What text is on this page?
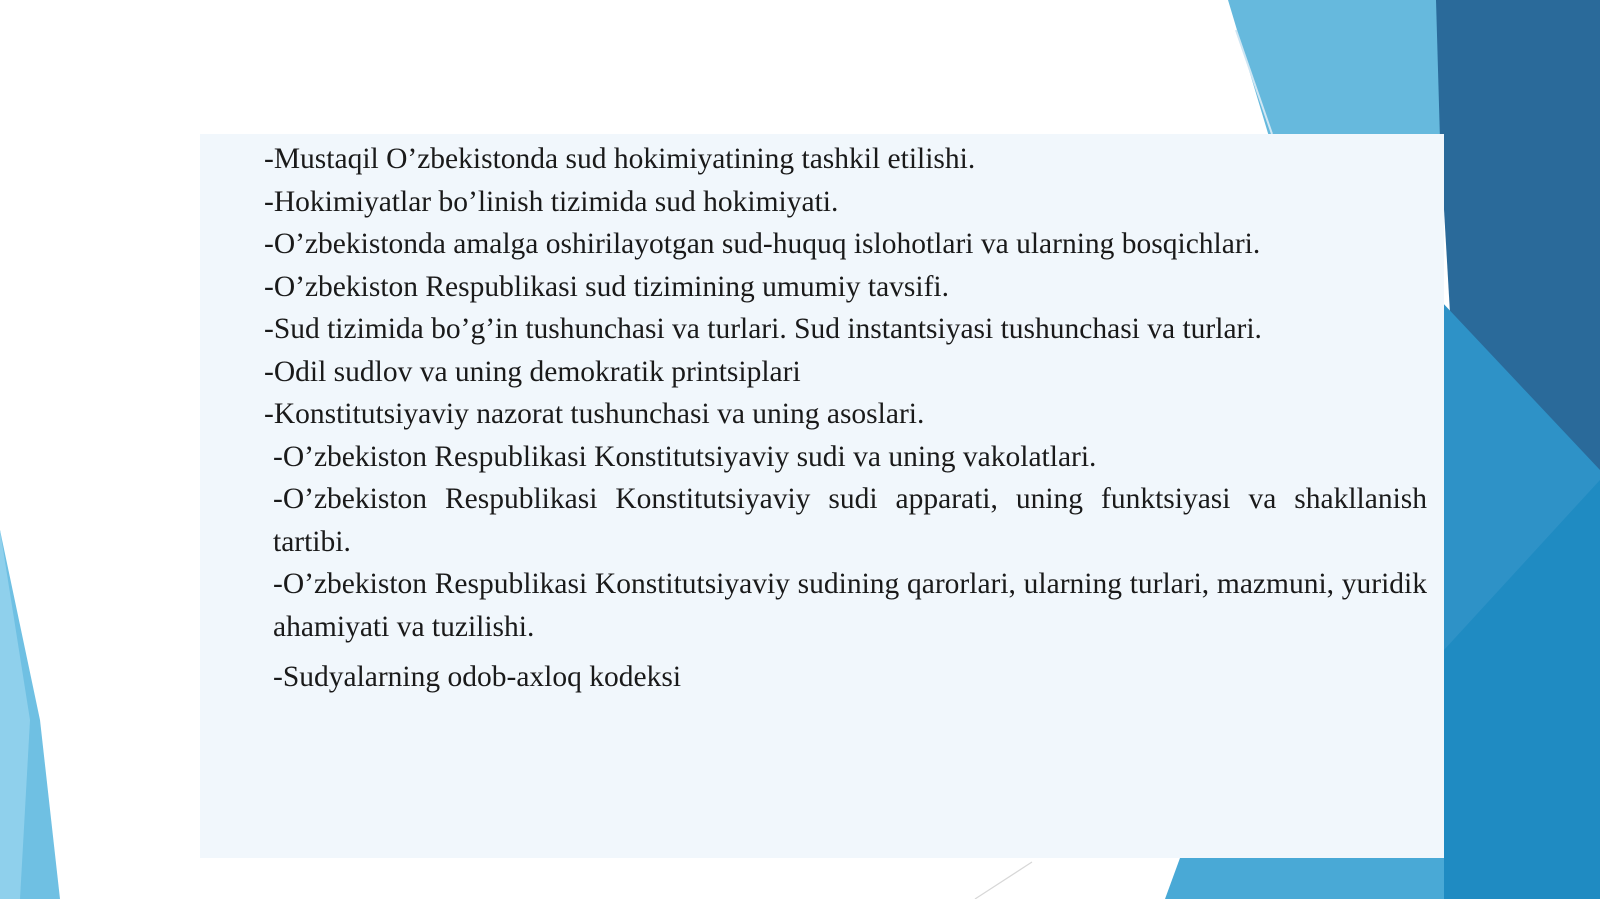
-Mustaqil O’zbekistonda sud hokimiyatining tashkil etilishi.
-Hokimiyatlar bo’linish tizimida sud hokimiyati.
-O’zbekistonda amalga oshirilayotgan sud-huquq islohotlari va ularning bosqichlari.
-O’zbekiston Respublikasi sud tizimining umumiy tavsifi.
-Sud tizimida bo’g’in tushunchasi va turlari. Sud instantsiyasi tushunchasi va turlari.
-Odil sudlov va uning demokratik printsiplari
-Konstitutsiyaviy nazorat tushunchasi va uning asoslari.
-O’zbekiston Respublikasi Konstitutsiyaviy sudi va uning vakolatlari.
-O’zbekiston Respublikasi Konstitutsiyaviy sudi apparati, uning funktsiyasi va shakllanish tartibi.
-O’zbekiston Respublikasi Konstitutsiyaviy sudining qarorlari, ularning turlari, mazmuni, yuridik ahamiyati va tuzilishi.
-Sudyalarning odob-axloq kodeksi
